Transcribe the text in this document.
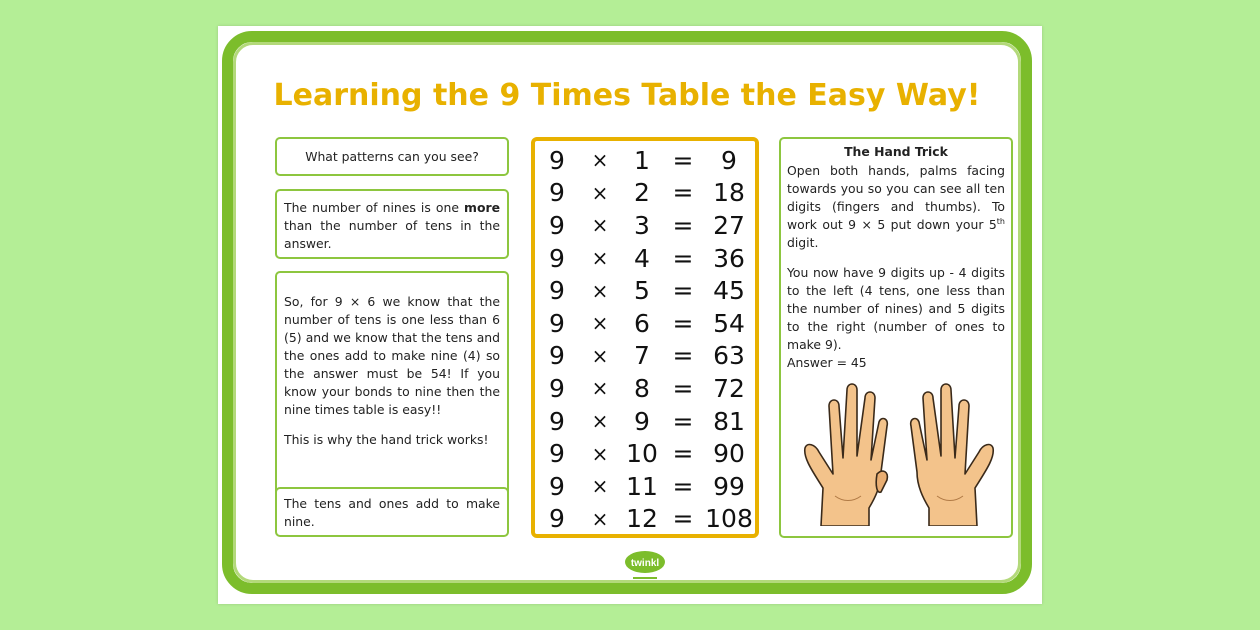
Learning the 9 Times Table the Easy Way!

What patterns can you see?

The number of nines is one more than the number of tens in the answer.

So, for 9 × 6 we know that the number of tens is one less than 6 (5) and we know that the tens and the ones add to make nine (4) so the answer must be 54! If you know your bonds to nine then the nine times table is easy!!

This is why the hand trick works!

The tens and ones add to make nine.

9	×	1 =	9
9	×	2 = 18
9	×	3 = 27
9	×	4 = 36
9	×	5 = 45
9	×	6 = 54
9	×	7 = 63
9	×	8 = 72
9	×	9 = 81
9	× 10 = 90
9	× 11 = 99
9	× 12 = 108
The Hand Trick

Open both hands, palms facing towards you so you can see all ten digits (fingers and thumbs). To work out 9 × 5 put down your 5th digit.

You now have 9 digits up - 4 digits to the left (4 tens, one less than the number of nines) and 5 digits to the right (number of ones to make 9).

Answer = 45

twinkl
